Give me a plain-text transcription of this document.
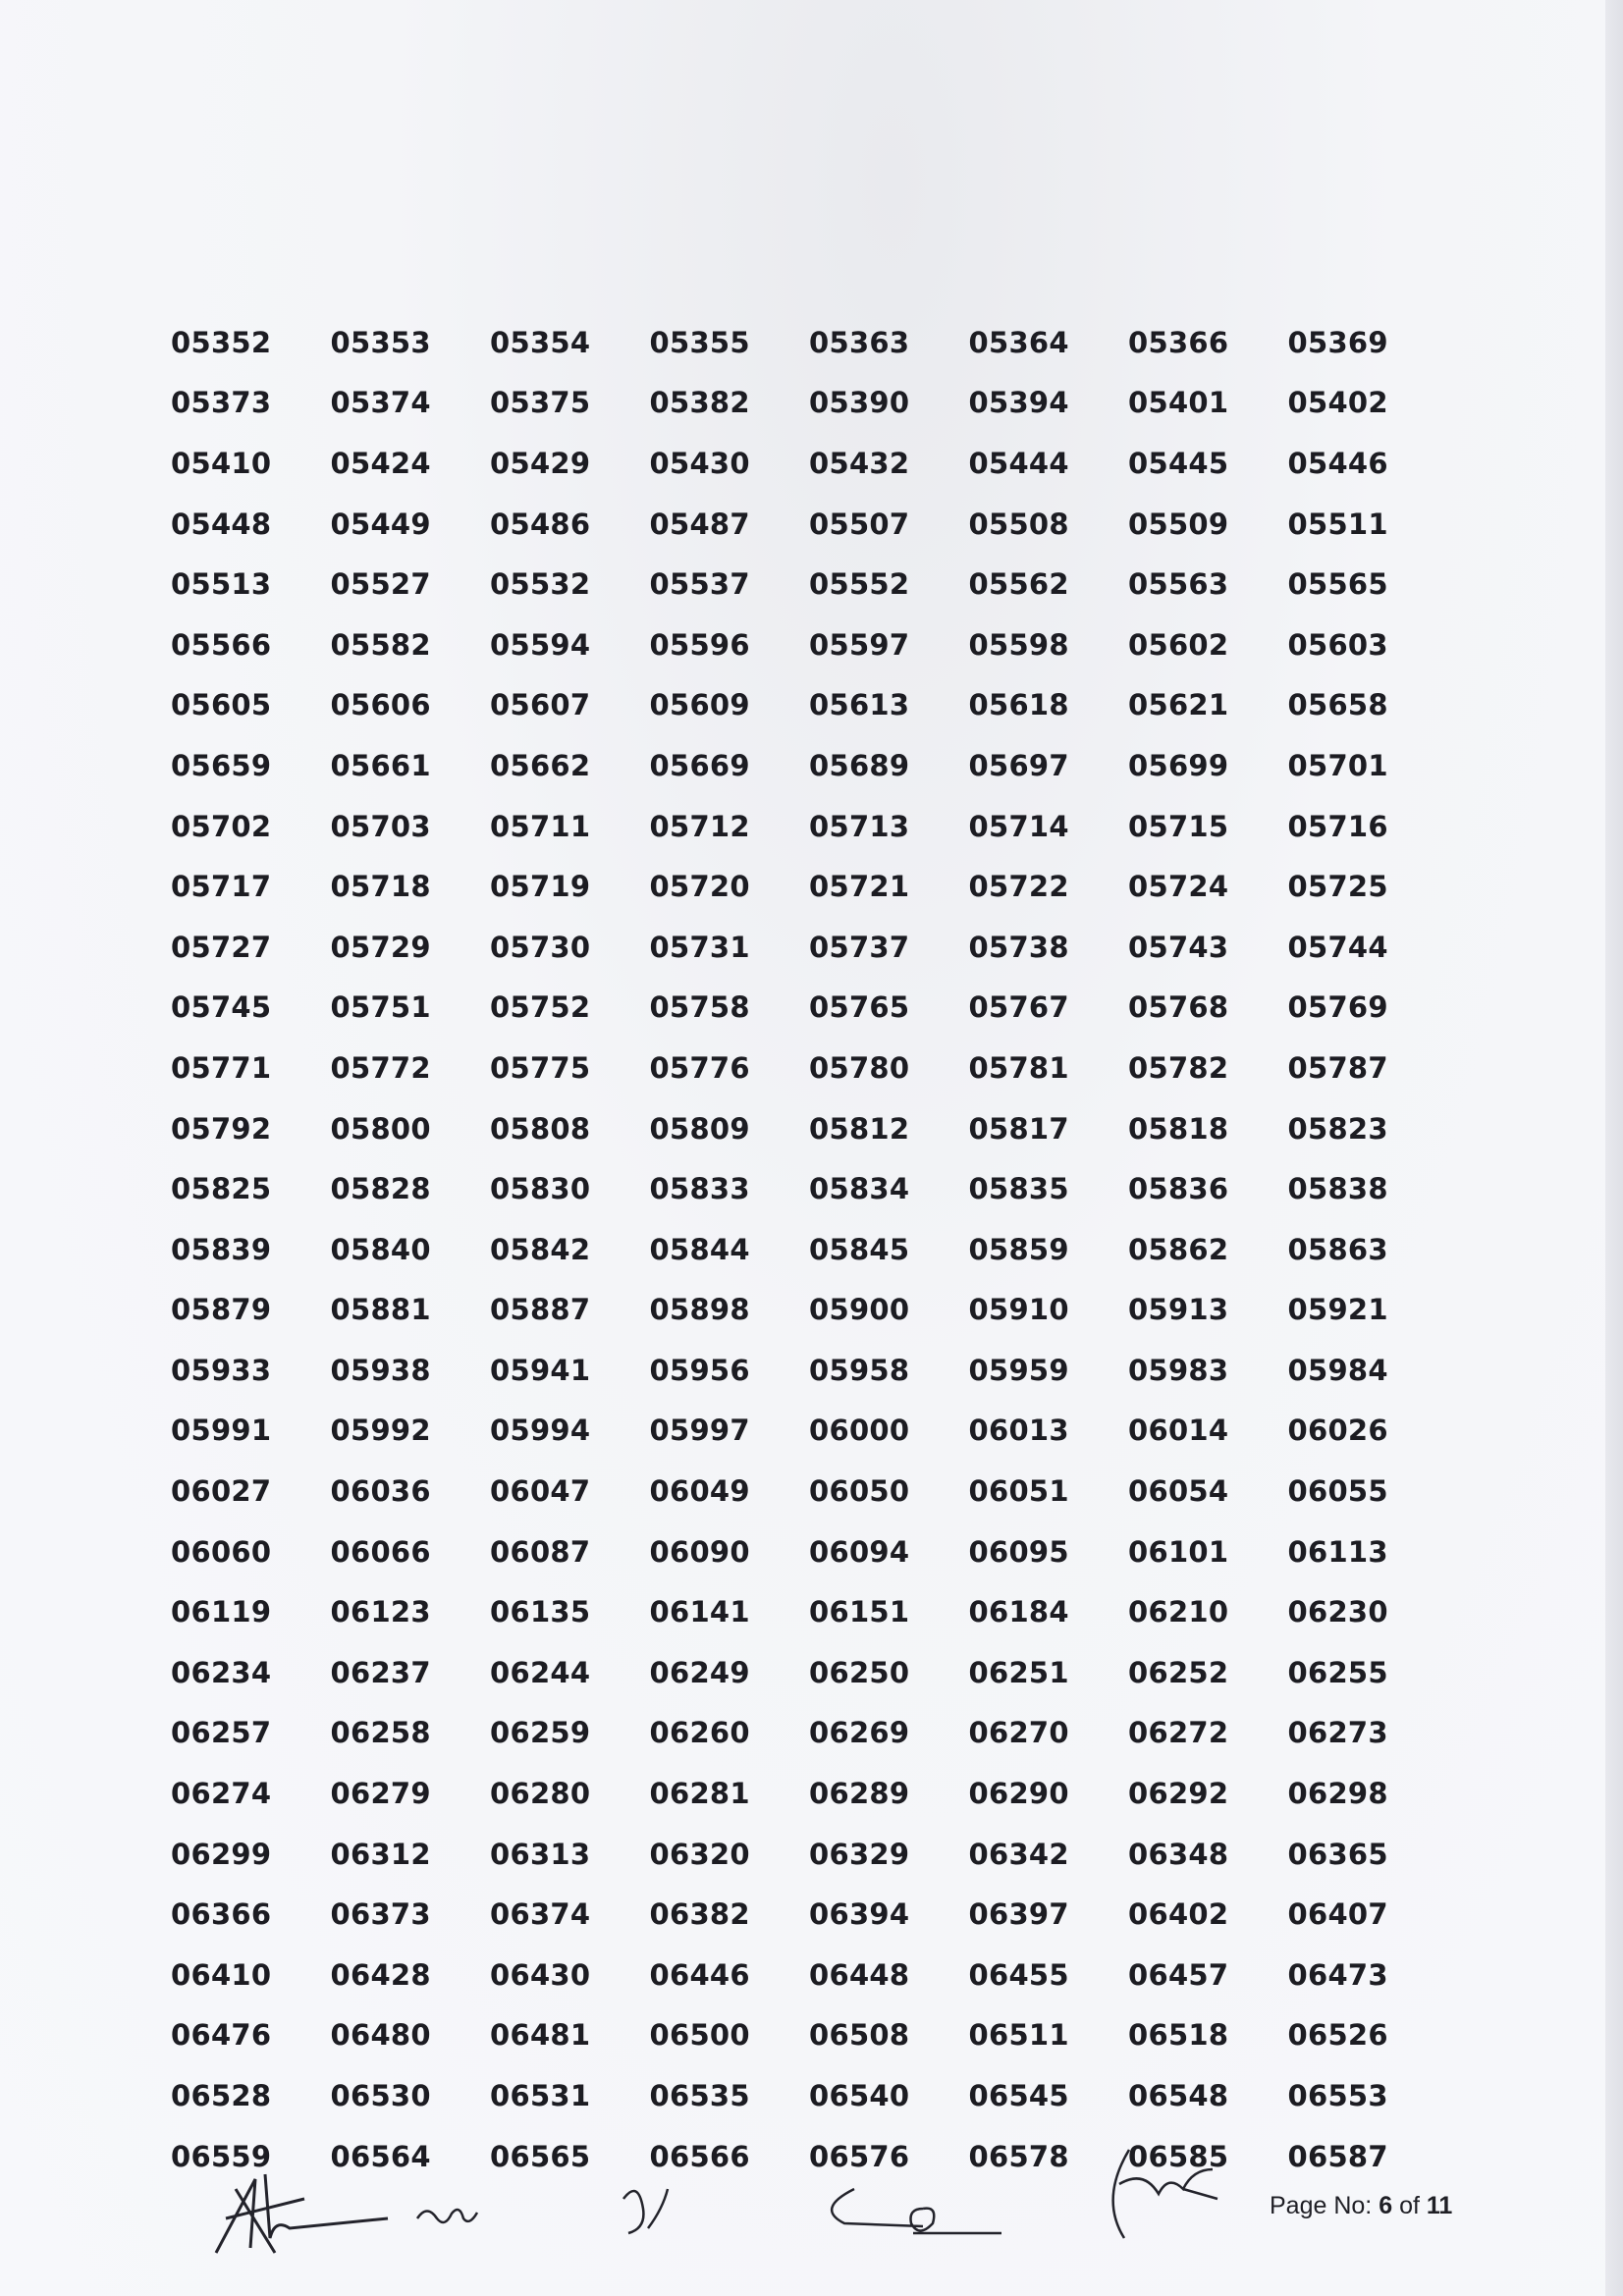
05352	05353	05354	05355	05363	05364	05366	05369
05373	05374	05375	05382	05390	05394	05401	05402
05410	05424	05429	05430	05432	05444	05445	05446
05448	05449	05486	05487	05507	05508	05509	05511
05513	05527	05532	05537	05552	05562	05563	05565
05566	05582	05594	05596	05597	05598	05602	05603
05605	05606	05607	05609	05613	05618	05621	05658
05659	05661	05662	05669	05689	05697	05699	05701
05702	05703	05711	05712	05713	05714	05715	05716
05717	05718	05719	05720	05721	05722	05724	05725
05727	05729	05730	05731	05737	05738	05743	05744
05745	05751	05752	05758	05765	05767	05768	05769
05771	05772	05775	05776	05780	05781	05782	05787
05792	05800	05808	05809	05812	05817	05818	05823
05825	05828	05830	05833	05834	05835	05836	05838
05839	05840	05842	05844	05845	05859	05862	05863
05879	05881	05887	05898	05900	05910	05913	05921
05933	05938	05941	05956	05958	05959	05983	05984
05991	05992	05994	05997	06000	06013	06014	06026
06027	06036	06047	06049	06050	06051	06054	06055
06060	06066	06087	06090	06094	06095	06101	06113
06119	06123	06135	06141	06151	06184	06210	06230
06234	06237	06244	06249	06250	06251	06252	06255
06257	06258	06259	06260	06269	06270	06272	06273
06274	06279	06280	06281	06289	06290	06292	06298
06299	06312	06313	06320	06329	06342	06348	06365
06366	06373	06374	06382	06394	06397	06402	06407
06410	06428	06430	06446	06448	06455	06457	06473
06476	06480	06481	06500	06508	06511	06518	06526
06528	06530	06531	06535	06540	06545	06548	06553
06559	06564	06565	06566	06576	06578	06585	06587
Page No: 6 of 11
